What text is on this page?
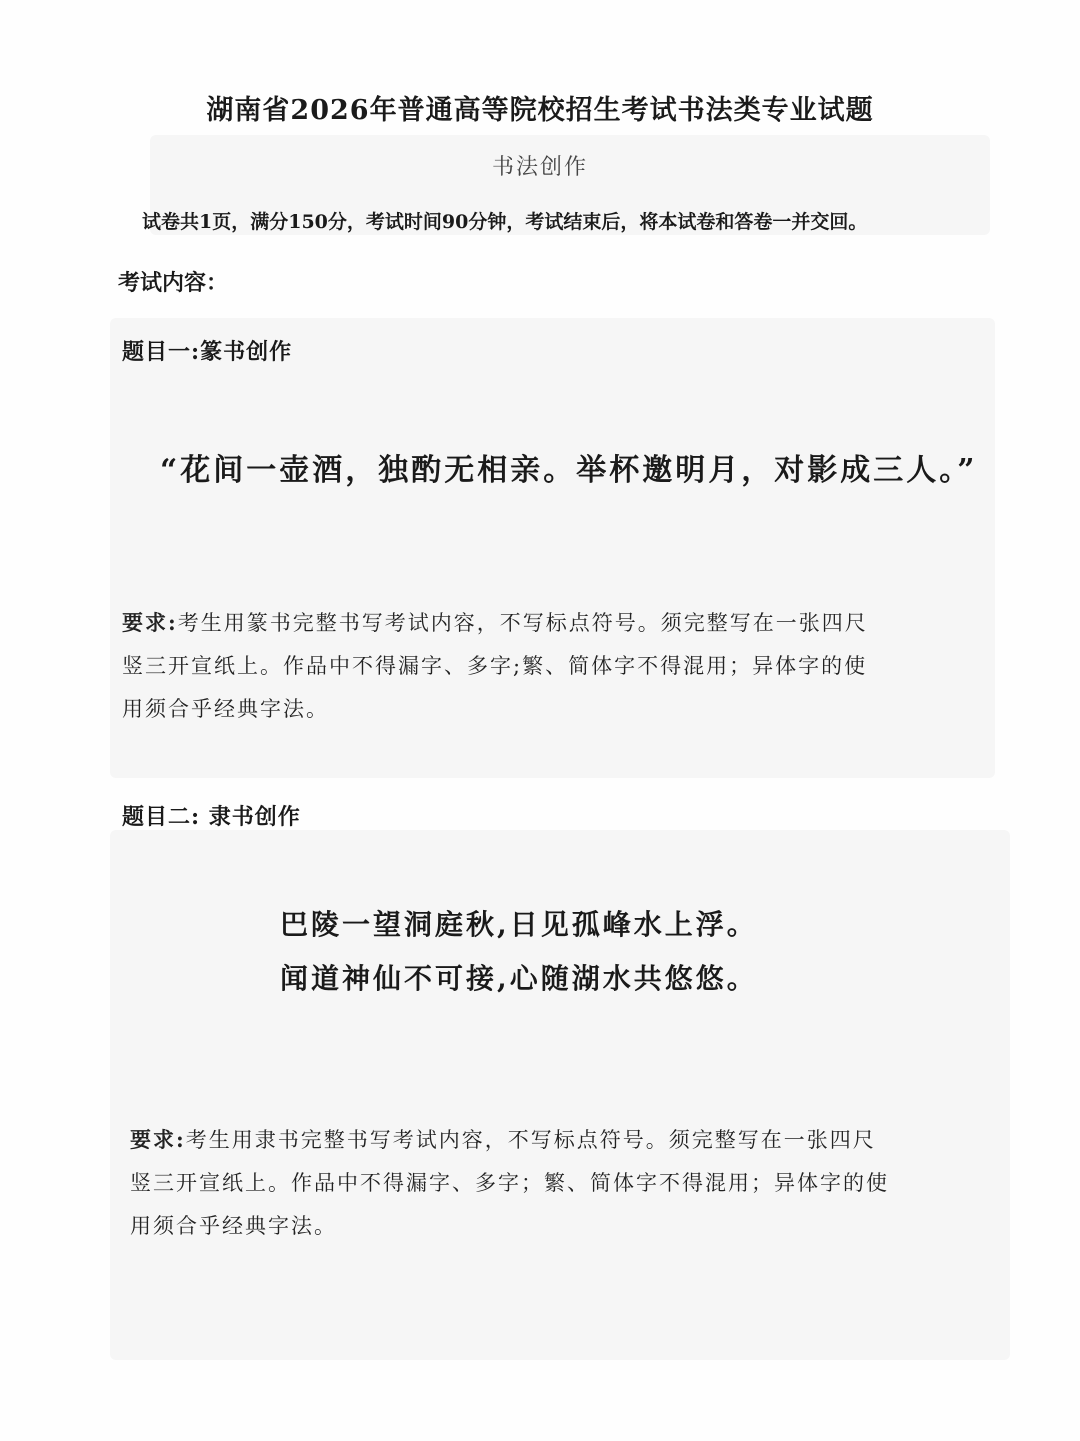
湖南省2026年普通高等院校招生考试书法类专业试题
书法创作
试卷共1页，满分150分，考试时间90分钟，考试结束后，将本试卷和答卷一并交回。
考试内容：
题目一:篆书创作
“花间一壶酒，独酌无相亲。举杯邀明月，对影成三人。”
要求:考生用篆书完整书写考试内容，不写标点符号。须完整写在一张四尺
竖三开宣纸上。作品中不得漏字、多字;繁、简体字不得混用；异体字的使
用须合乎经典字法。
题目二: 隶书创作
巴陵一望洞庭秋,日见孤峰水上浮。
闻道神仙不可接,心随湖水共悠悠。
要求:考生用隶书完整书写考试内容，不写标点符号。须完整写在一张四尺
竖三开宣纸上。作品中不得漏字、多字；繁、简体字不得混用；异体字的使
用须合乎经典字法。
